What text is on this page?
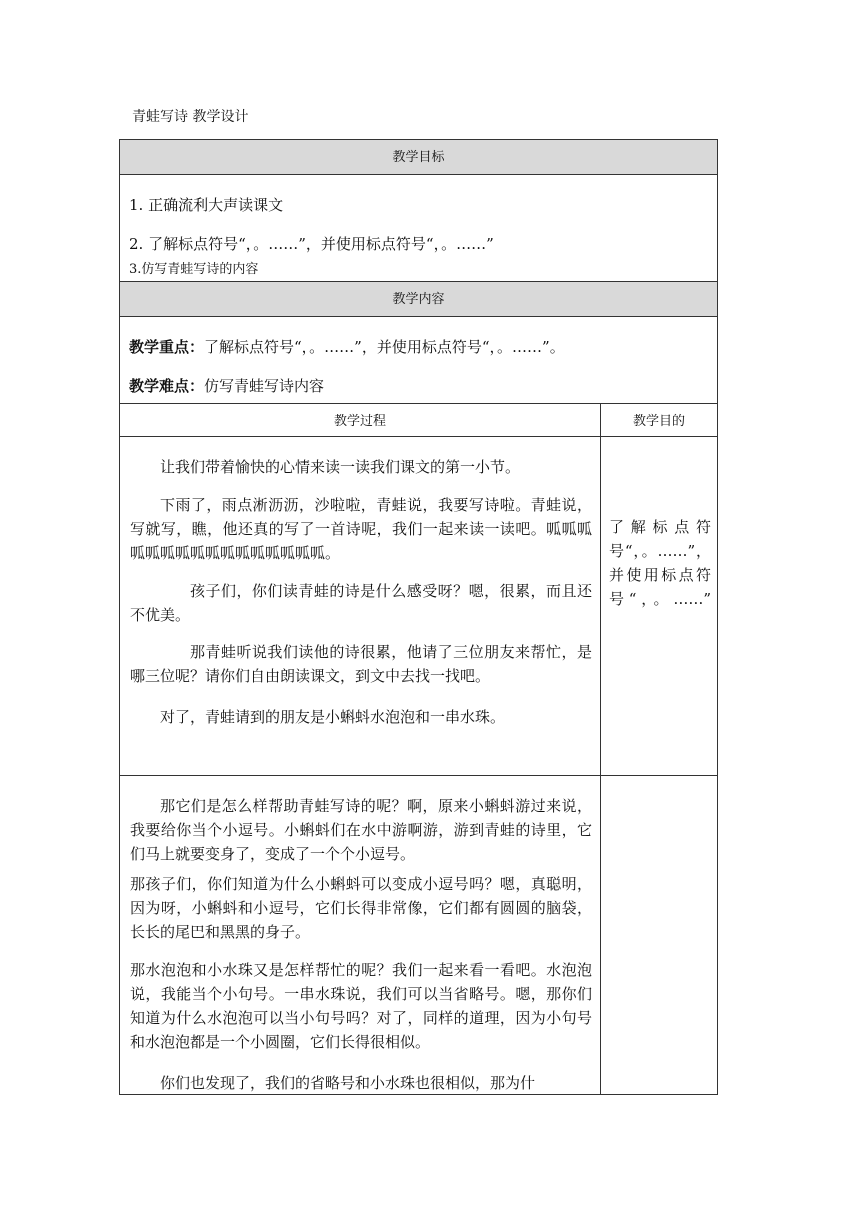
青蛙写诗 教学设计
教学目标
1. 正确流利大声读课文
2. 了解标点符号“，。……”，并使用标点符号“，。……”
3.仿写青蛙写诗的内容
教学内容
教学重点：了解标点符号“，。……”，并使用标点符号“，。……”。
教学难点：仿写青蛙写诗内容
教学过程	教学目的
让我们带着愉快的心情来读一读我们课文的第一小节。
下雨了，雨点淅沥沥，沙啦啦，青蛙说，我要写诗啦。青蛙说，写就写，瞧，他还真的写了一首诗呢，我们一起来读一读吧。呱呱呱呱呱呱呱呱呱呱呱呱呱呱呱呱。
孩子们，你们读青蛙的诗是什么感受呀？嗯，很累，而且还不优美。
那青蛙听说我们读他的诗很累，他请了三位朋友来帮忙，是哪三位呢？请你们自由朗读课文，到文中去找一找吧。
对了，青蛙请到的朋友是小蝌蚪水泡泡和一串水珠。
了解标点符号“，。……”，并使用标点符号“，。……”
那它们是怎么样帮助青蛙写诗的呢？啊，原来小蝌蚪游过来说，我要给你当个小逗号。小蝌蚪们在水中游啊游，游到青蛙的诗里，它们马上就要变身了，变成了一个个小逗号。
那孩子们，你们知道为什么小蝌蚪可以变成小逗号吗？嗯，真聪明，因为呀，小蝌蚪和小逗号，它们长得非常像，它们都有圆圆的脑袋，长长的尾巴和黑黑的身子。
那水泡泡和小水珠又是怎样帮忙的呢？我们一起来看一看吧。水泡泡说，我能当个小句号。一串水珠说，我们可以当省略号。嗯，那你们知道为什么水泡泡可以当小句号吗？对了，同样的道理，因为小句号和水泡泡都是一个小圆圈，它们长得很相似。
你们也发现了，我们的省略号和小水珠也很相似，那为什
